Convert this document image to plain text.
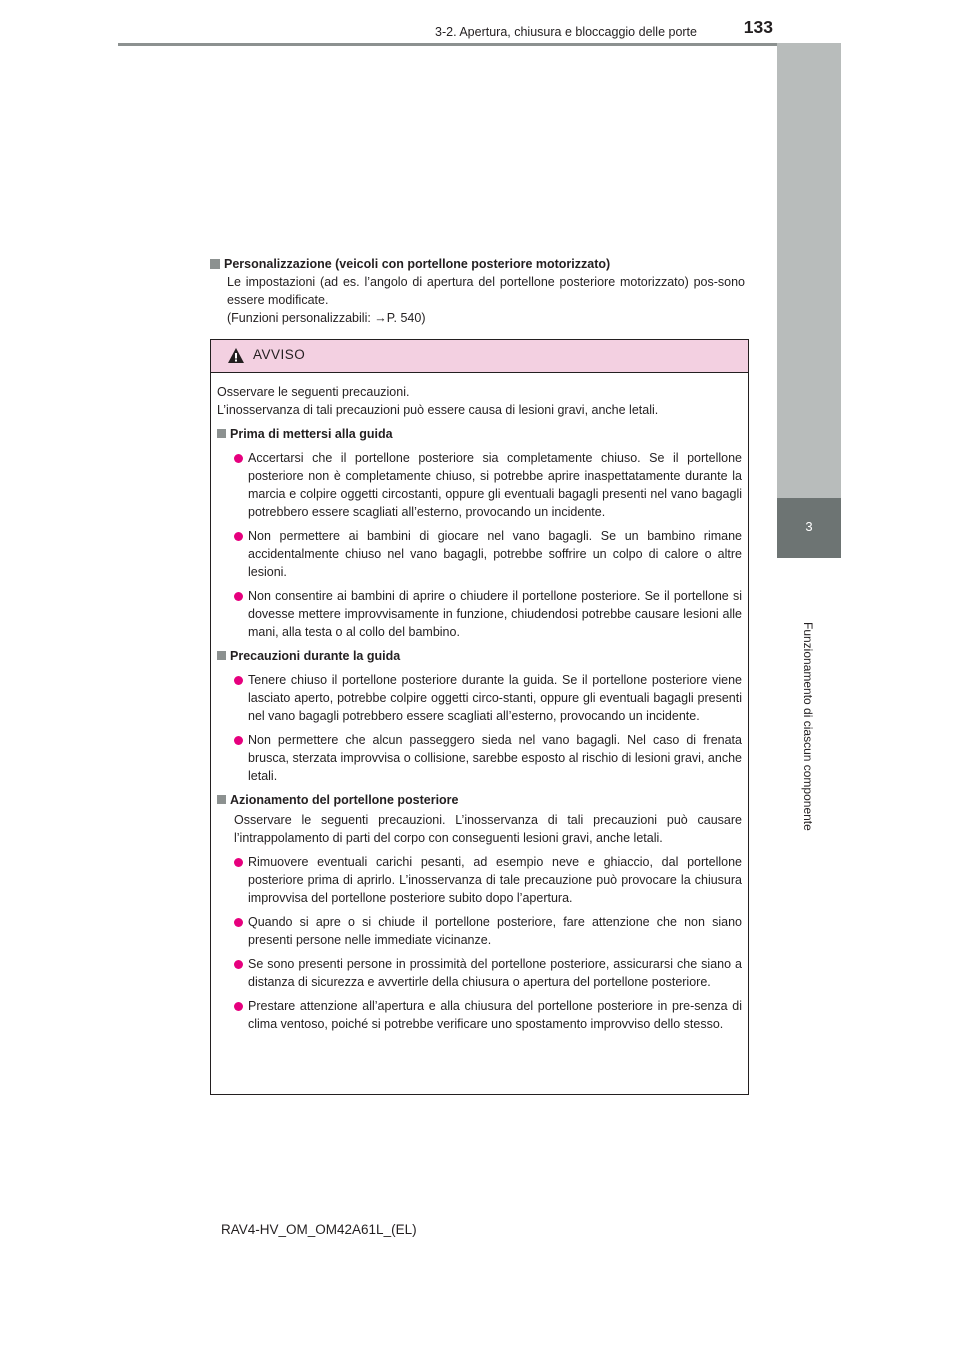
3-2. Apertura, chiusura e bloccaggio delle porte	133
3
Funzionamento di ciascun componente
Personalizzazione (veicoli con portellone posteriore motorizzato)
Le impostazioni (ad es. l’angolo di apertura del portellone posteriore motorizzato) pos-sono essere modificate.
(Funzioni personalizzabili: →P. 540)
AVVISO

Osservare le seguenti precauzioni.

L’inosservanza di tali precauzioni può essere causa di lesioni gravi, anche letali.

Prima di mettersi alla guida
Accertarsi che il portellone posteriore sia completamente chiuso. Se il portellone posteriore non è completamente chiuso, si potrebbe aprire inaspettatamente durante la marcia e colpire oggetti circostanti, oppure gli eventuali bagagli presenti nel vano bagagli potrebbero essere scagliati all’esterno, provocando un incidente.
Non permettere ai bambini di giocare nel vano bagagli. Se un bambino rimane accidentalmente chiuso nel vano bagagli, potrebbe soffrire un colpo di calore o altre lesioni.
Non consentire ai bambini di aprire o chiudere il portellone posteriore. Se il portellone si dovesse mettere improvvisamente in funzione, chiudendosi potrebbe causare lesioni alle mani, alla testa o al collo del bambino.
Precauzioni durante la guida
Tenere chiuso il portellone posteriore durante la guida. Se il portellone posteriore viene lasciato aperto, potrebbe colpire oggetti circo-stanti, oppure gli eventuali bagagli presenti nel vano bagagli potrebbero essere scagliati all’esterno, provocando un incidente.
Non permettere che alcun passeggero sieda nel vano bagagli. Nel caso di frenata brusca, sterzata improvvisa o collisione, sarebbe esposto al rischio di lesioni gravi, anche letali.
Azionamento del portellone posteriore
Osservare le seguenti precauzioni. L’inosservanza di tali precauzioni può causare l’intrappolamento di parti del corpo con conseguenti lesioni gravi, anche letali.
Rimuovere eventuali carichi pesanti, ad esempio neve e ghiaccio, dal portellone posteriore prima di aprirlo. L’inosservanza di tale precauzione può provocare la chiusura improvvisa del portellone posteriore subito dopo l’apertura.
Quando si apre o si chiude il portellone posteriore, fare attenzione che non siano presenti persone nelle immediate vicinanze.
Se sono presenti persone in prossimità del portellone posteriore, assicurarsi che siano a distanza di sicurezza e avvertirle della chiusura o apertura del portellone posteriore.
Prestare attenzione all’apertura e alla chiusura del portellone posteriore in pre-senza di clima ventoso, poiché si potrebbe verificare uno spostamento improvviso dello stesso.
RAV4-HV_OM_OM42A61L_(EL)
